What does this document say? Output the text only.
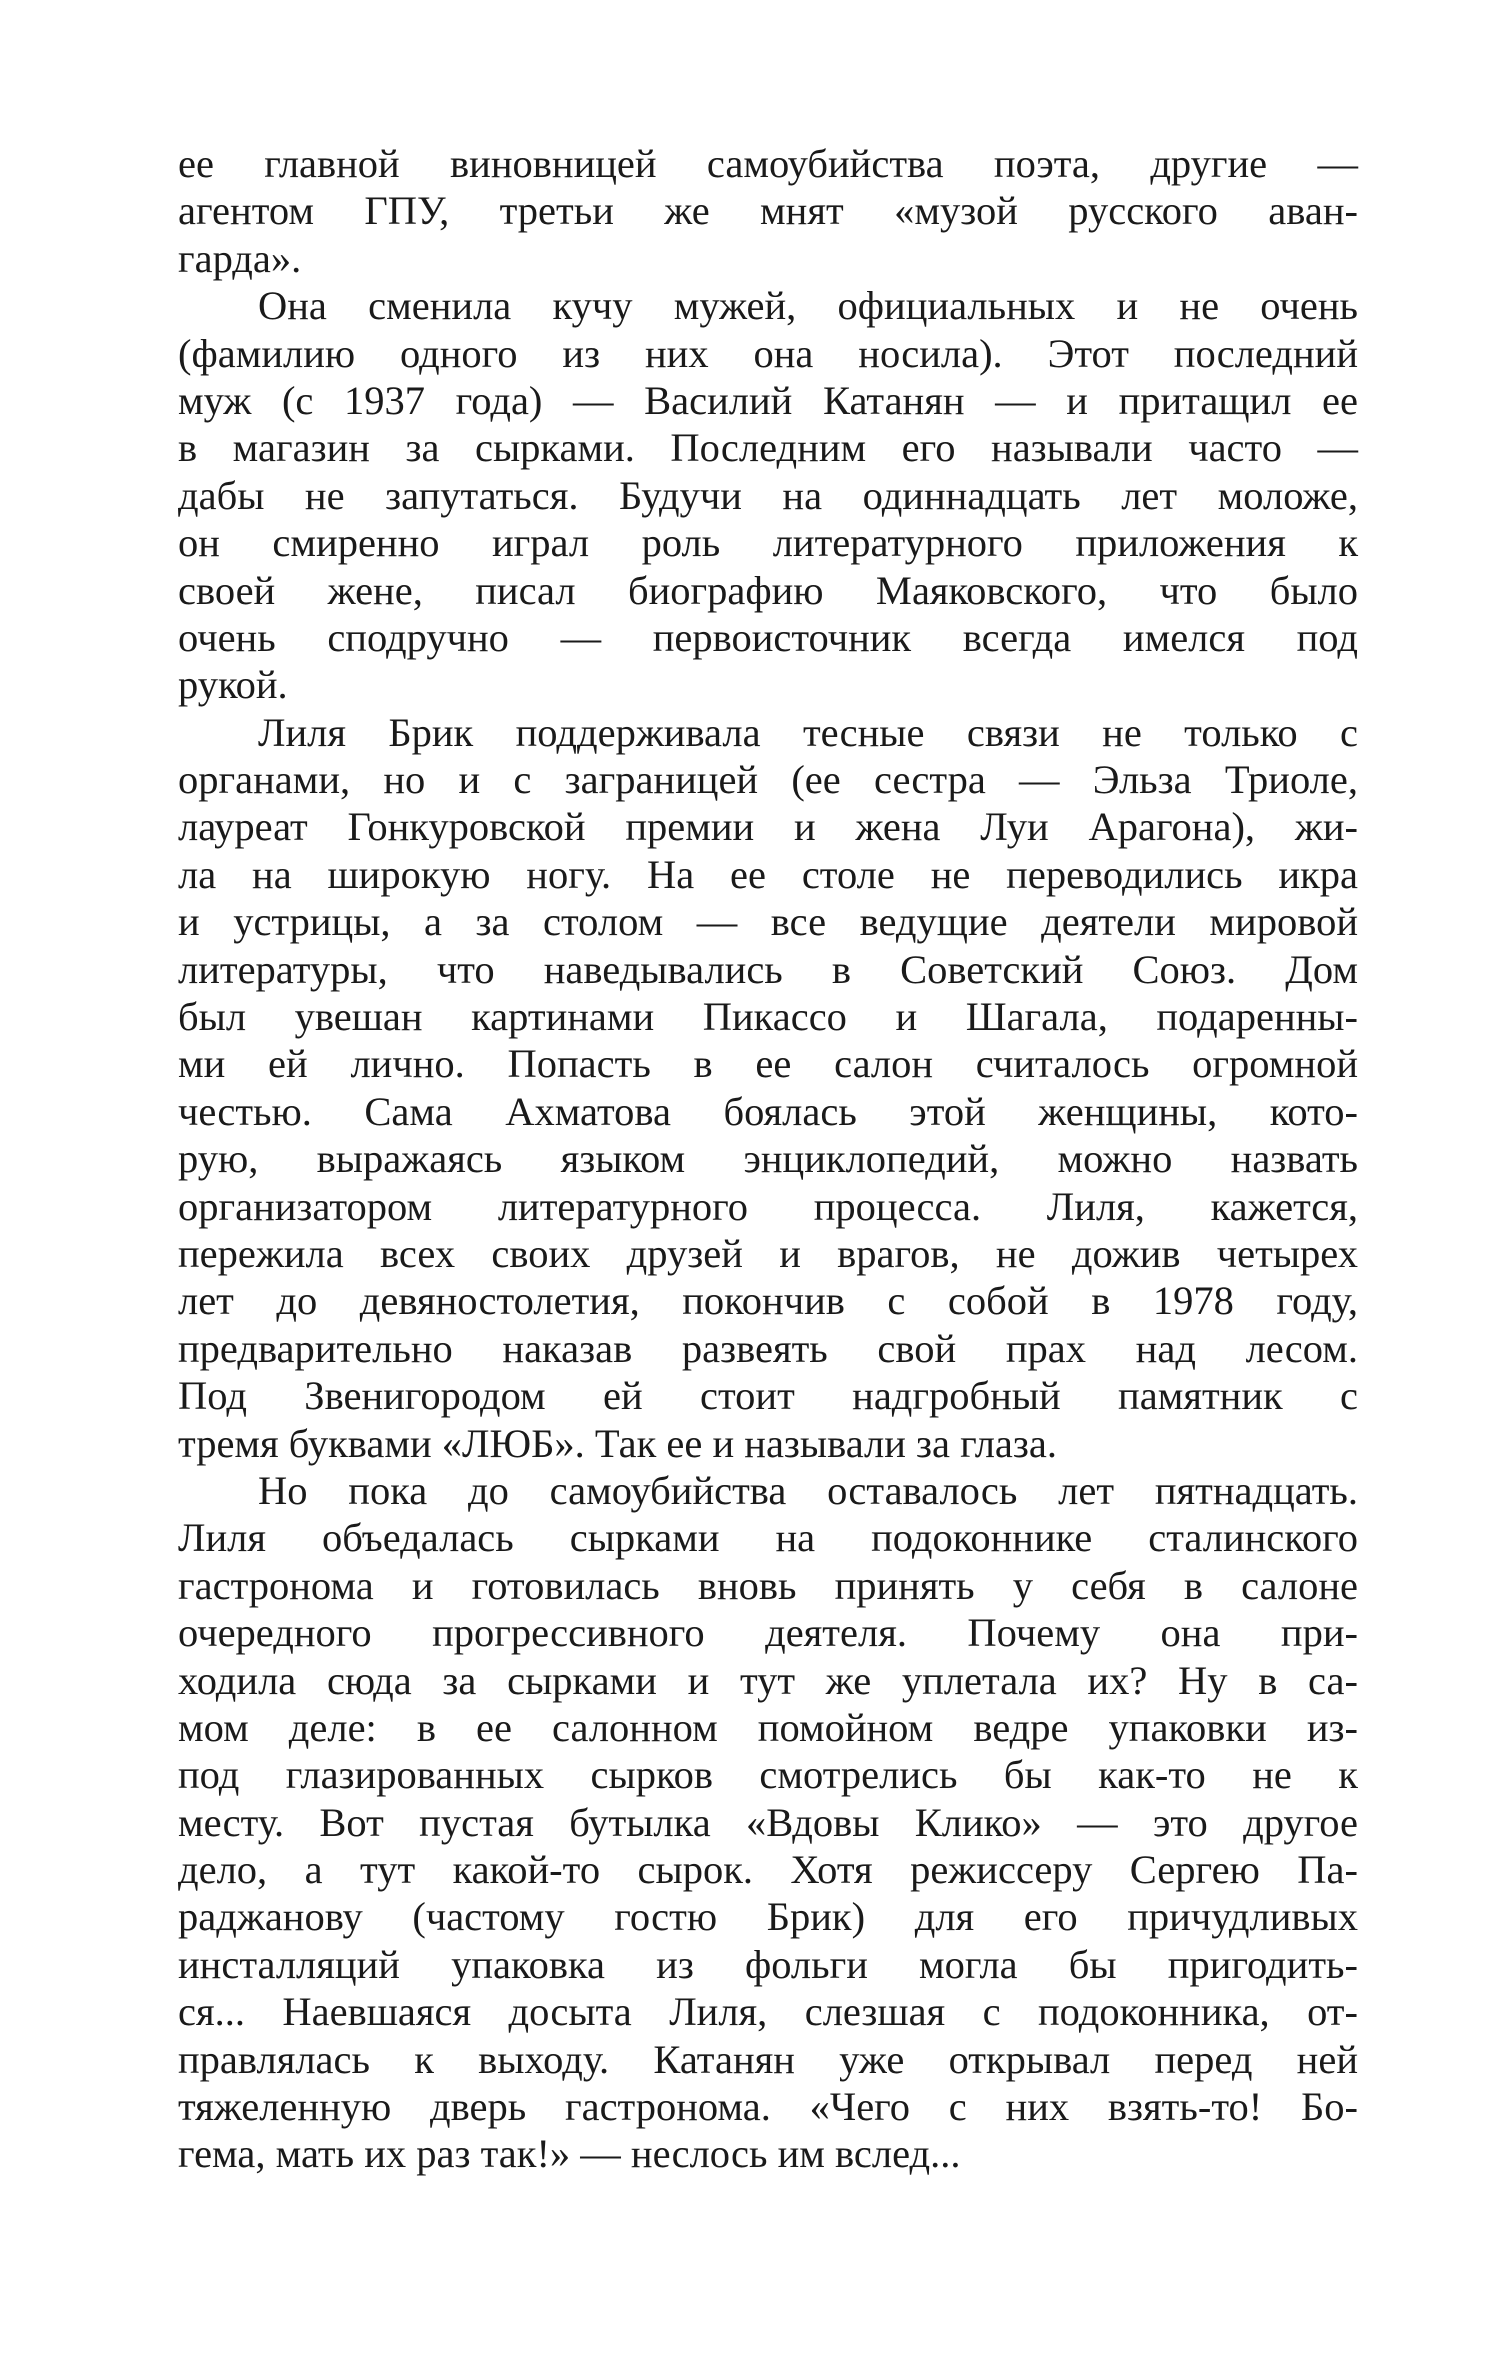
ее главной виновницей самоубийства поэта, другие —
агентом ГПУ, третьи же мнят «музой русского аван-
гарда».
Она сменила кучу мужей, официальных и не очень
(фамилию одного из них она носила). Этот последний
муж (с 1937 года) — Василий Катанян — и притащил ее
в магазин за сырками. Последним его называли часто —
дабы не запутаться. Будучи на одиннадцать лет моложе,
он смиренно играл роль литературного приложения к
своей жене, писал биографию Маяковского, что было
очень сподручно — первоисточник всегда имелся под
рукой.
Лиля Брик поддерживала тесные связи не только с
органами, но и с заграницей (ее сестра — Эльза Триоле,
лауреат Гонкуровской премии и жена Луи Арагона), жи-
ла на широкую ногу. На ее столе не переводились икра
и устрицы, а за столом — все ведущие деятели мировой
литературы, что наведывались в Советский Союз. Дом
был увешан картинами Пикассо и Шагала, подаренны-
ми ей лично. Попасть в ее салон считалось огромной
честью. Сама Ахматова боялась этой женщины, кото-
рую, выражаясь языком энциклопедий, можно назвать
организатором литературного процесса. Лиля, кажется,
пережила всех своих друзей и врагов, не дожив четырех
лет до девяностолетия, покончив с собой в 1978 году,
предварительно наказав развеять свой прах над лесом.
Под Звенигородом ей стоит надгробный памятник с
тремя буквами «ЛЮБ». Так ее и называли за глаза.
Но пока до самоубийства оставалось лет пятнадцать.
Лиля объедалась сырками на подоконнике сталинского
гастронома и готовилась вновь принять у себя в салоне
очередного прогрессивного деятеля. Почему она при-
ходила сюда за сырками и тут же уплетала их? Ну в са-
мом деле: в ее салонном помойном ведре упаковки из-
под глазированных сырков смотрелись бы как-то не к
месту. Вот пустая бутылка «Вдовы Клико» — это другое
дело, а тут какой-то сырок. Хотя режиссеру Сергею Па-
раджанову (частому гостю Брик) для его причудливых
инсталляций упаковка из фольги могла бы пригодить-
ся... Наевшаяся досыта Лиля, слезшая с подоконника, от-
правлялась к выходу. Катанян уже открывал перед ней
тяжеленную дверь гастронома. «Чего с них взять-то! Бо-
гема, мать их раз так!» — неслось им вслед...
